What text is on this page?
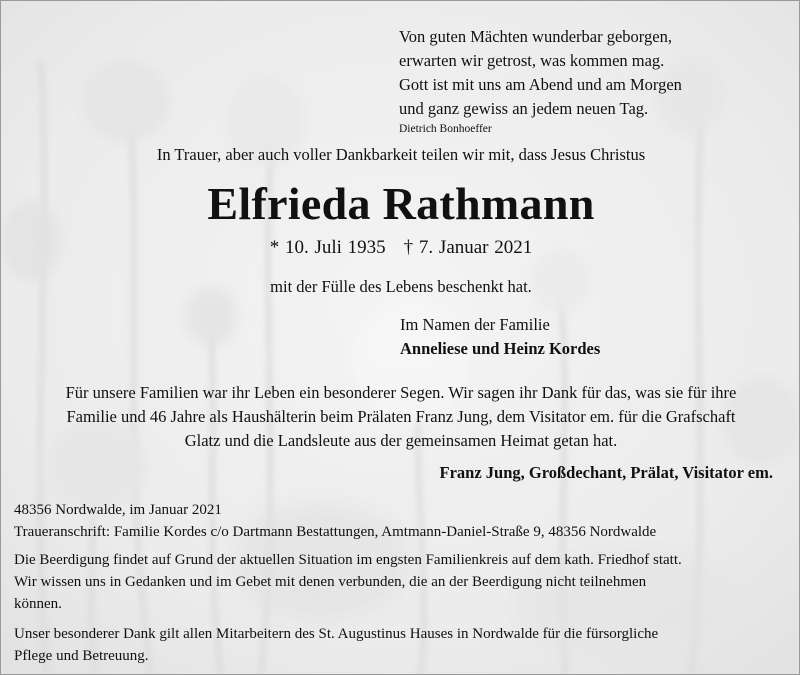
Von guten Mächten wunderbar geborgen,
erwarten wir getrost, was kommen mag.
Gott ist mit uns am Abend und am Morgen
und ganz gewiss an jedem neuen Tag.
Dietrich Bonhoeffer
In Trauer, aber auch voller Dankbarkeit teilen wir mit, dass Jesus Christus
Elfrieda Rathmann
* 10. Juli 1935 † 7. Januar 2021
mit der Fülle des Lebens beschenkt hat.
Im Namen der Familie
Anneliese und Heinz Kordes
Für unsere Familien war ihr Leben ein besonderer Segen. Wir sagen ihr Dank für das, was sie für ihre
Familie und 46 Jahre als Haushälterin beim Prälaten Franz Jung, dem Visitator em. für die Grafschaft
Glatz und die Landsleute aus der gemeinsamen Heimat getan hat.
Franz Jung, Großdechant, Prälat, Visitator em.
48356 Nordwalde, im Januar 2021
Traueranschrift: Familie Kordes c/o Dartmann Bestattungen, Amtmann-Daniel-Straße 9, 48356 Nordwalde
Die Beerdigung findet auf Grund der aktuellen Situation im engsten Familienkreis auf dem kath. Friedhof statt.
Wir wissen uns in Gedanken und im Gebet mit denen verbunden, die an der Beerdigung nicht teilnehmen
können.
Unser besonderer Dank gilt allen Mitarbeitern des St. Augustinus Hauses in Nordwalde für die fürsorgliche
Pflege und Betreuung.
